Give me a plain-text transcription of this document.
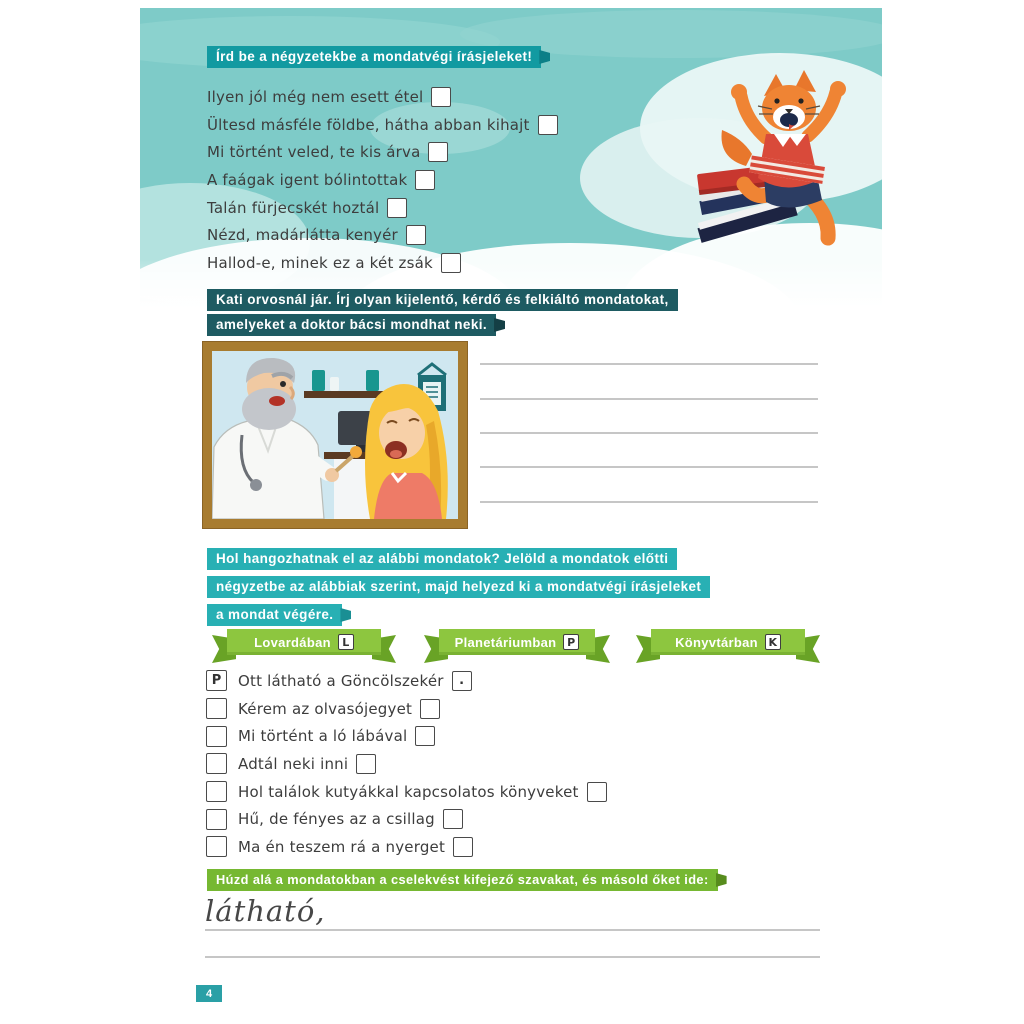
Írd be a négyzetekbe a mondatvégi írásjeleket!
Ilyen jól még nem esett étel
Ültesd másféle földbe, hátha abban kihajt
Mi történt veled, te kis árva
A faágak igent bólintottak
Talán fürjecskét hoztál
Nézd, madárlátta kenyér
Hallod-e, minek ez a két zsák
Kati orvosnál jár. Írj olyan kijelentő, kérdő és felkiáltó mondatokat,
amelyeket a doktor bácsi mondhat neki.
Hol hangozhatnak el az alábbi mondatok? Jelöld a mondatok előtti
négyzetbe az alábbiak szerint, majd helyezd ki a mondatvégi írásjeleket
a mondat végére.
Lovardában	L	Planetáriumban P	Könyvtárban K
P	Ott látható a Göncölszekér	.
Kérem az olvasójegyet
Mi történt a ló lábával
Adtál neki inni
Hol találok kutyákkal kapcsolatos könyveket
Hű, de fényes az a csillag
Ma én teszem rá a nyerget
Húzd alá a mondatokban a cselekvést kifejező szavakat, és másold őket ide:
látható,
4
